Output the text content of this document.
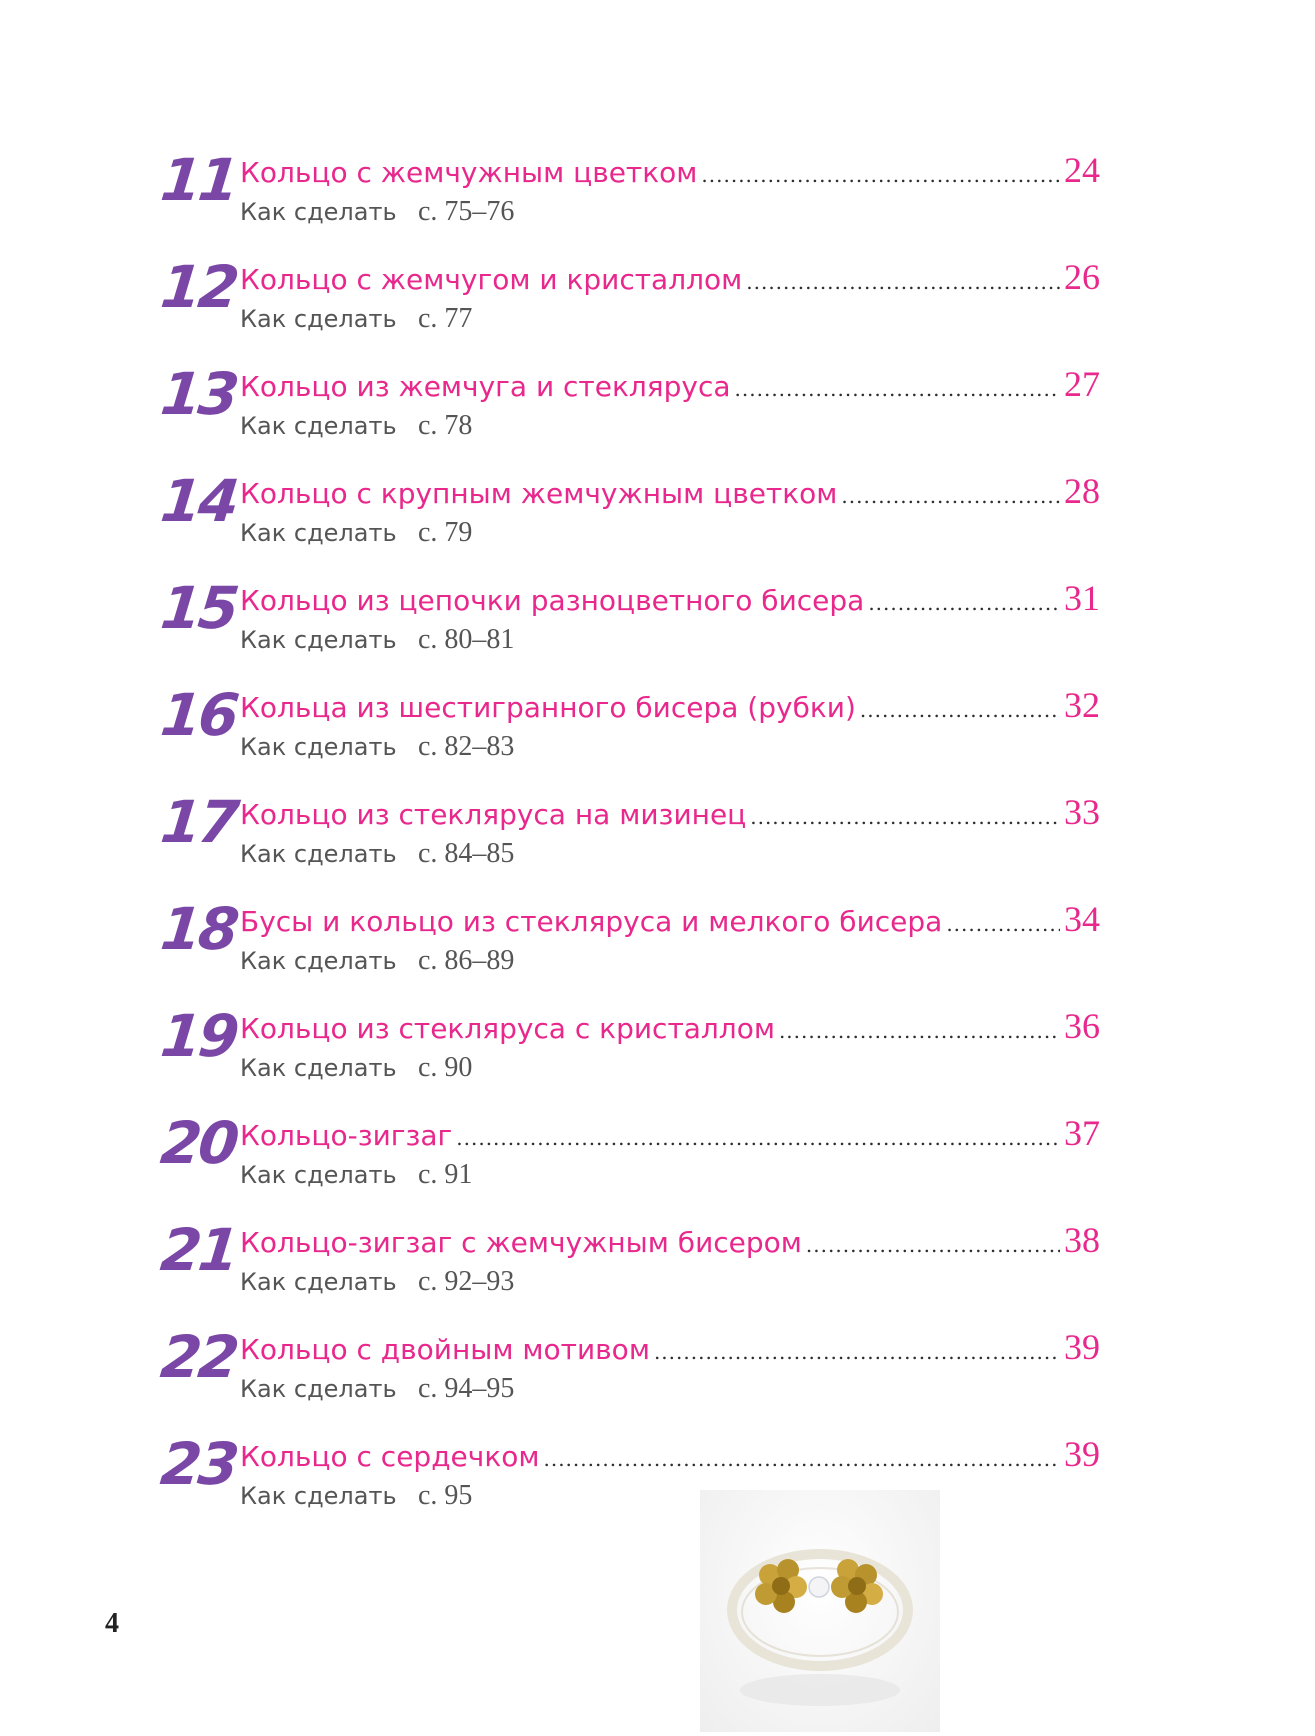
11 Кольцо с жемчужным цветком .....	24
Как сделать с. 75–76
12 Кольцо с жемчугом и кристаллом .....	26
Как сделать с. 77
13 Кольцо из жемчуга и стекляруса .....	27
Как сделать с. 78
14 Кольцо с крупным жемчужным цветком .....	28
Как сделать с. 79
15 Кольцо из цепочки разноцветного бисера .....	31
Как сделать с. 80–81
16 Кольца из шестигранного бисера (рубки) .....	32
Как сделать с. 82–83
17 Кольцо из стекляруса на мизинец .....	33
Как сделать с. 84–85
18 Бусы и кольцо из стекляруса и мелкого бисера .....	34
Как сделать с. 86–89
19 Кольцо из стекляруса с кристаллом .....	36
Как сделать с. 90
20 Кольцо-зигзаг .....	37
Как сделать с. 91
21 Кольцо-зигзаг с жемчужным бисером .....	38
Как сделать с. 92–93
22 Кольцо с двойным мотивом .....	39
Как сделать с. 94–95
23 Кольцо с сердечком .....	39
Как сделать с. 95
4
